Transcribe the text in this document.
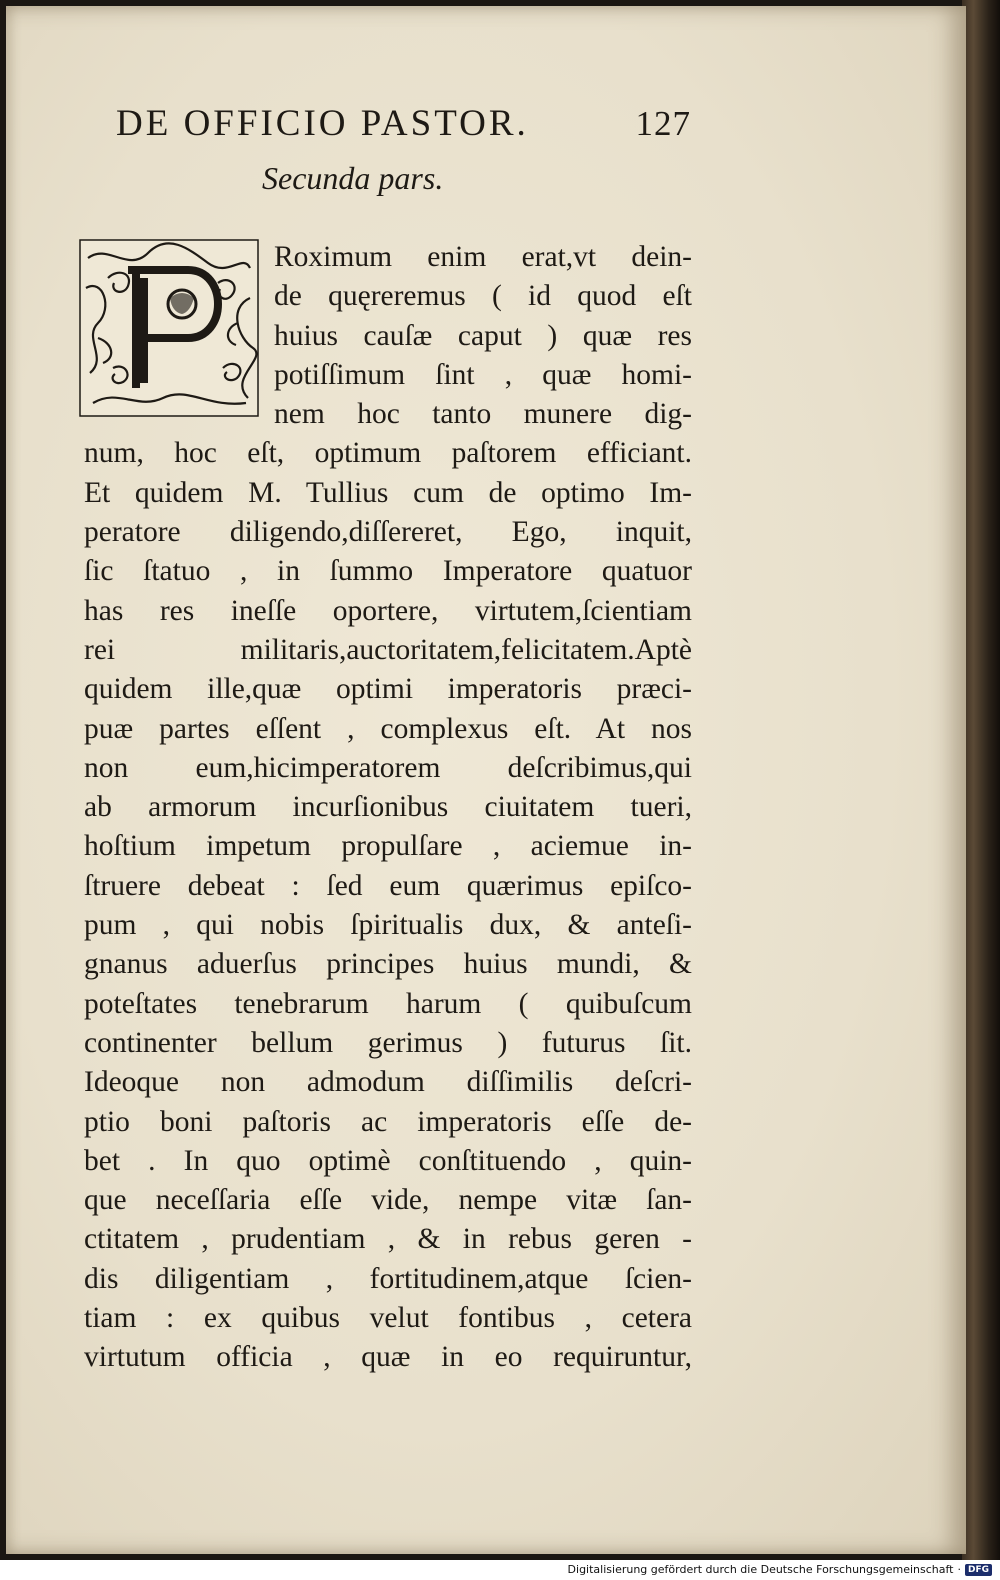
DE OFFICIO PASTOR.	127
Secunda pars.
Roximum enim erat,vt dein-
de quęreremus ( id quod eſt
huius cauſæ caput ) quæ res
potiſſimum ſint , quæ homi-
nem hoc tanto munere dig-
num, hoc eſt, optimum paſtorem efficiant.
Et quidem M. Tullius cum de optimo Im-
peratore diligendo,diſſereret, Ego, inquit,
ſic ſtatuo , in ſummo Imperatore quatuor
has res ineſſe oportere, virtutem,ſcientiam
rei militaris,auctoritatem,felicitatem.Aptè
quidem ille,quæ optimi imperatoris præci-
puæ partes eſſent , complexus eſt. At nos
non eum,hicimperatorem deſcribimus,qui
ab armorum incurſionibus ciuitatem tueri,
hoſtium impetum propulſare , aciemue in-
ſtruere debeat : ſed eum quærimus epiſco-
pum , qui nobis ſpiritualis dux, & anteſi-
gnanus aduerſus principes huius mundi, &
poteſtates tenebrarum harum ( quibuſcum
continenter bellum gerimus ) futurus ſit.
Ideoque non admodum diſſimilis deſcri-
ptio boni paſtoris ac imperatoris eſſe de-
bet . In quo optimè conſtituendo , quin-
que neceſſaria eſſe vide, nempe vitæ ſan-
ctitatem , prudentiam , & in rebus geren -
dis diligentiam , fortitudinem,atque ſcien-
tiam : ex quibus velut fontibus , cetera
virtutum officia , quæ in eo requiruntur,
Digitalisierung gefördert durch die Deutsche Forschungsgemeinschaft · DFG
